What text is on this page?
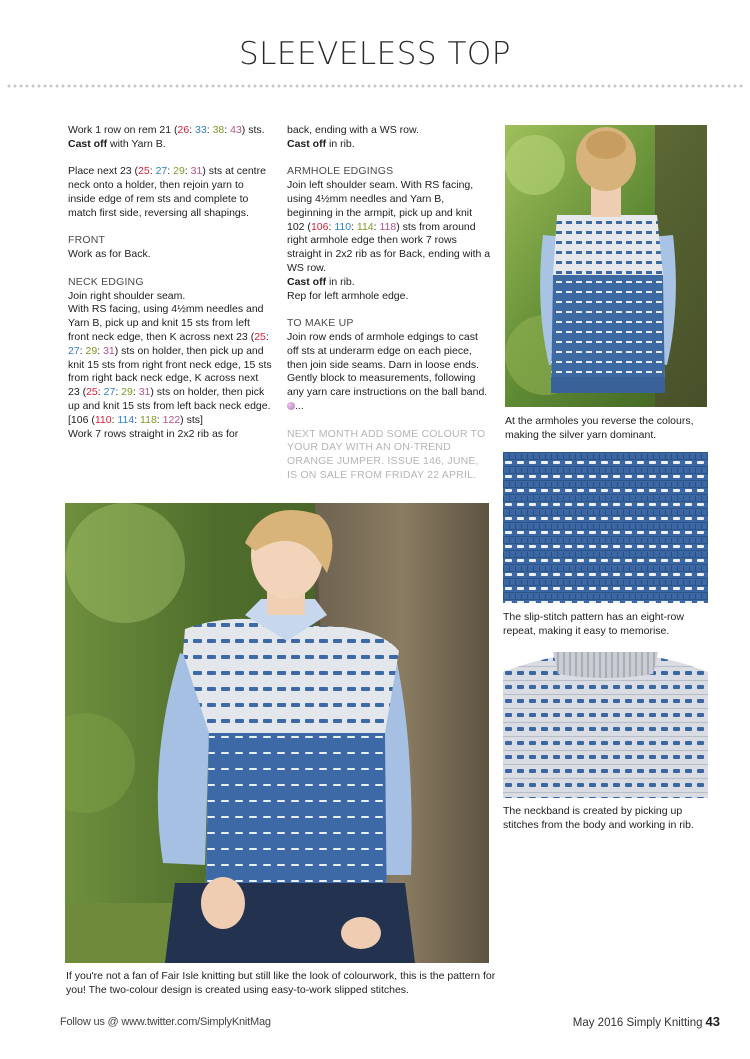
SLEEVELESS TOP

Work 1 row on rem 21 (26: 33: 38: 43) sts.

Cast off with Yarn B.

Place next 23 (25: 27: 29: 31) sts at centre neck onto a holder, then rejoin yarn to inside edge of rem sts and complete to match first side, reversing all shapings.

FRONT

Work as for Back.

NECK EDGING

Join right shoulder seam.

With RS facing, using 4½mm needles and Yarn B, pick up and knit 15 sts from left front neck edge, then K across next 23 (25: 27: 29: 31) sts on holder, then pick up and knit 15 sts from right front neck edge, 15 sts from right back neck edge, K across next 23 (25: 27: 29: 31) sts on holder, then pick up and knit 15 sts from left back neck edge.

[106 (110: 114: 118: 122) sts]

Work 7 rows straight in 2x2 rib as for

back, ending with a WS row.

Cast off in rib.

ARMHOLE EDGINGS

Join left shoulder seam. With RS facing, using 4½mm needles and Yarn B, beginning in the armpit, pick up and knit 102 (106: 110: 114: 118) sts from around right armhole edge then work 7 rows straight in 2x2 rib as for Back, ending with a WS row.

Cast off in rib.

Rep for left armhole edge.

TO MAKE UP

Join row ends of armhole edgings to cast off sts at underarm edge on each piece, then join side seams. Darn in loose ends. Gently block to measurements, following any yarn care instructions on the ball band. ...

NEXT MONTH ADD SOME COLOUR TO YOUR DAY WITH AN ON-TREND ORANGE JUMPER. ISSUE 146, JUNE, IS ON SALE FROM FRIDAY 22 APRIL.

At the armholes you reverse the colours, making the silver yarn dominant.
The slip-stitch pattern has an eight-row repeat, making it easy to memorise.
The neckband is created by picking up stitches from the body and working in rib.
If you're not a fan of Fair Isle knitting but still like the look of colourwork, this is the pattern for you! The two-colour design is created using easy-to-work slipped stitches.
Follow us @ www.twitter.com/SimplyKnitMag	May 2016 Simply Knitting 43
